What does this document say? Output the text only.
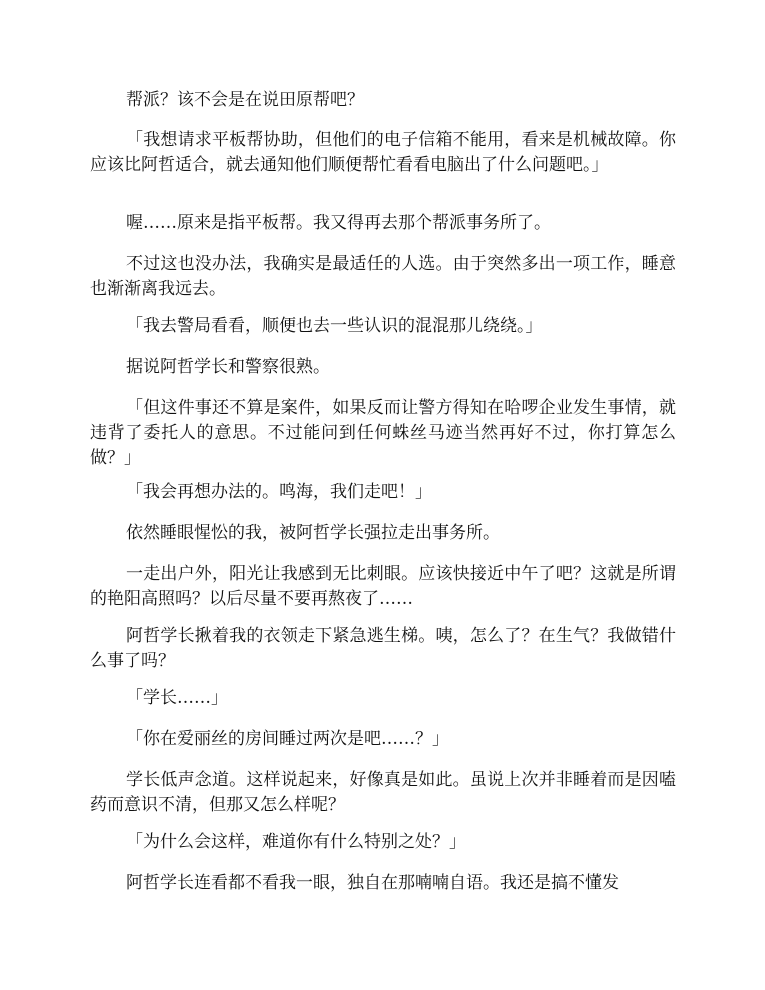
帮派？该不会是在说田原帮吧？

「我想请求平板帮协助，但他们的电子信箱不能用，看来是机械故障。你应该比阿哲适合，就去通知他们顺便帮忙看看电脑出了什么问题吧。」

喔……原来是指平板帮。我又得再去那个帮派事务所了。

不过这也没办法，我确实是最适任的人选。由于突然多出一项工作，睡意也渐渐离我远去。

「我去警局看看，顺便也去一些认识的混混那儿绕绕。」

据说阿哲学长和警察很熟。

「但这件事还不算是案件，如果反而让警方得知在哈啰企业发生事情，就违背了委托人的意思。不过能问到任何蛛丝马迹当然再好不过，你打算怎么做？」

「我会再想办法的。鸣海，我们走吧！」

依然睡眼惺忪的我，被阿哲学长强拉走出事务所。

一走出户外，阳光让我感到无比刺眼。应该快接近中午了吧？这就是所谓的艳阳高照吗？以后尽量不要再熬夜了……

阿哲学长揪着我的衣领走下紧急逃生梯。咦，怎么了？在生气？我做错什么事了吗？

「学长……」

「你在爱丽丝的房间睡过两次是吧……？」

学长低声念道。这样说起来，好像真是如此。虽说上次并非睡着而是因嗑药而意识不清，但那又怎么样呢？

「为什么会这样，难道你有什么特别之处？」

阿哲学长连看都不看我一眼，独自在那喃喃自语。我还是搞不懂发
